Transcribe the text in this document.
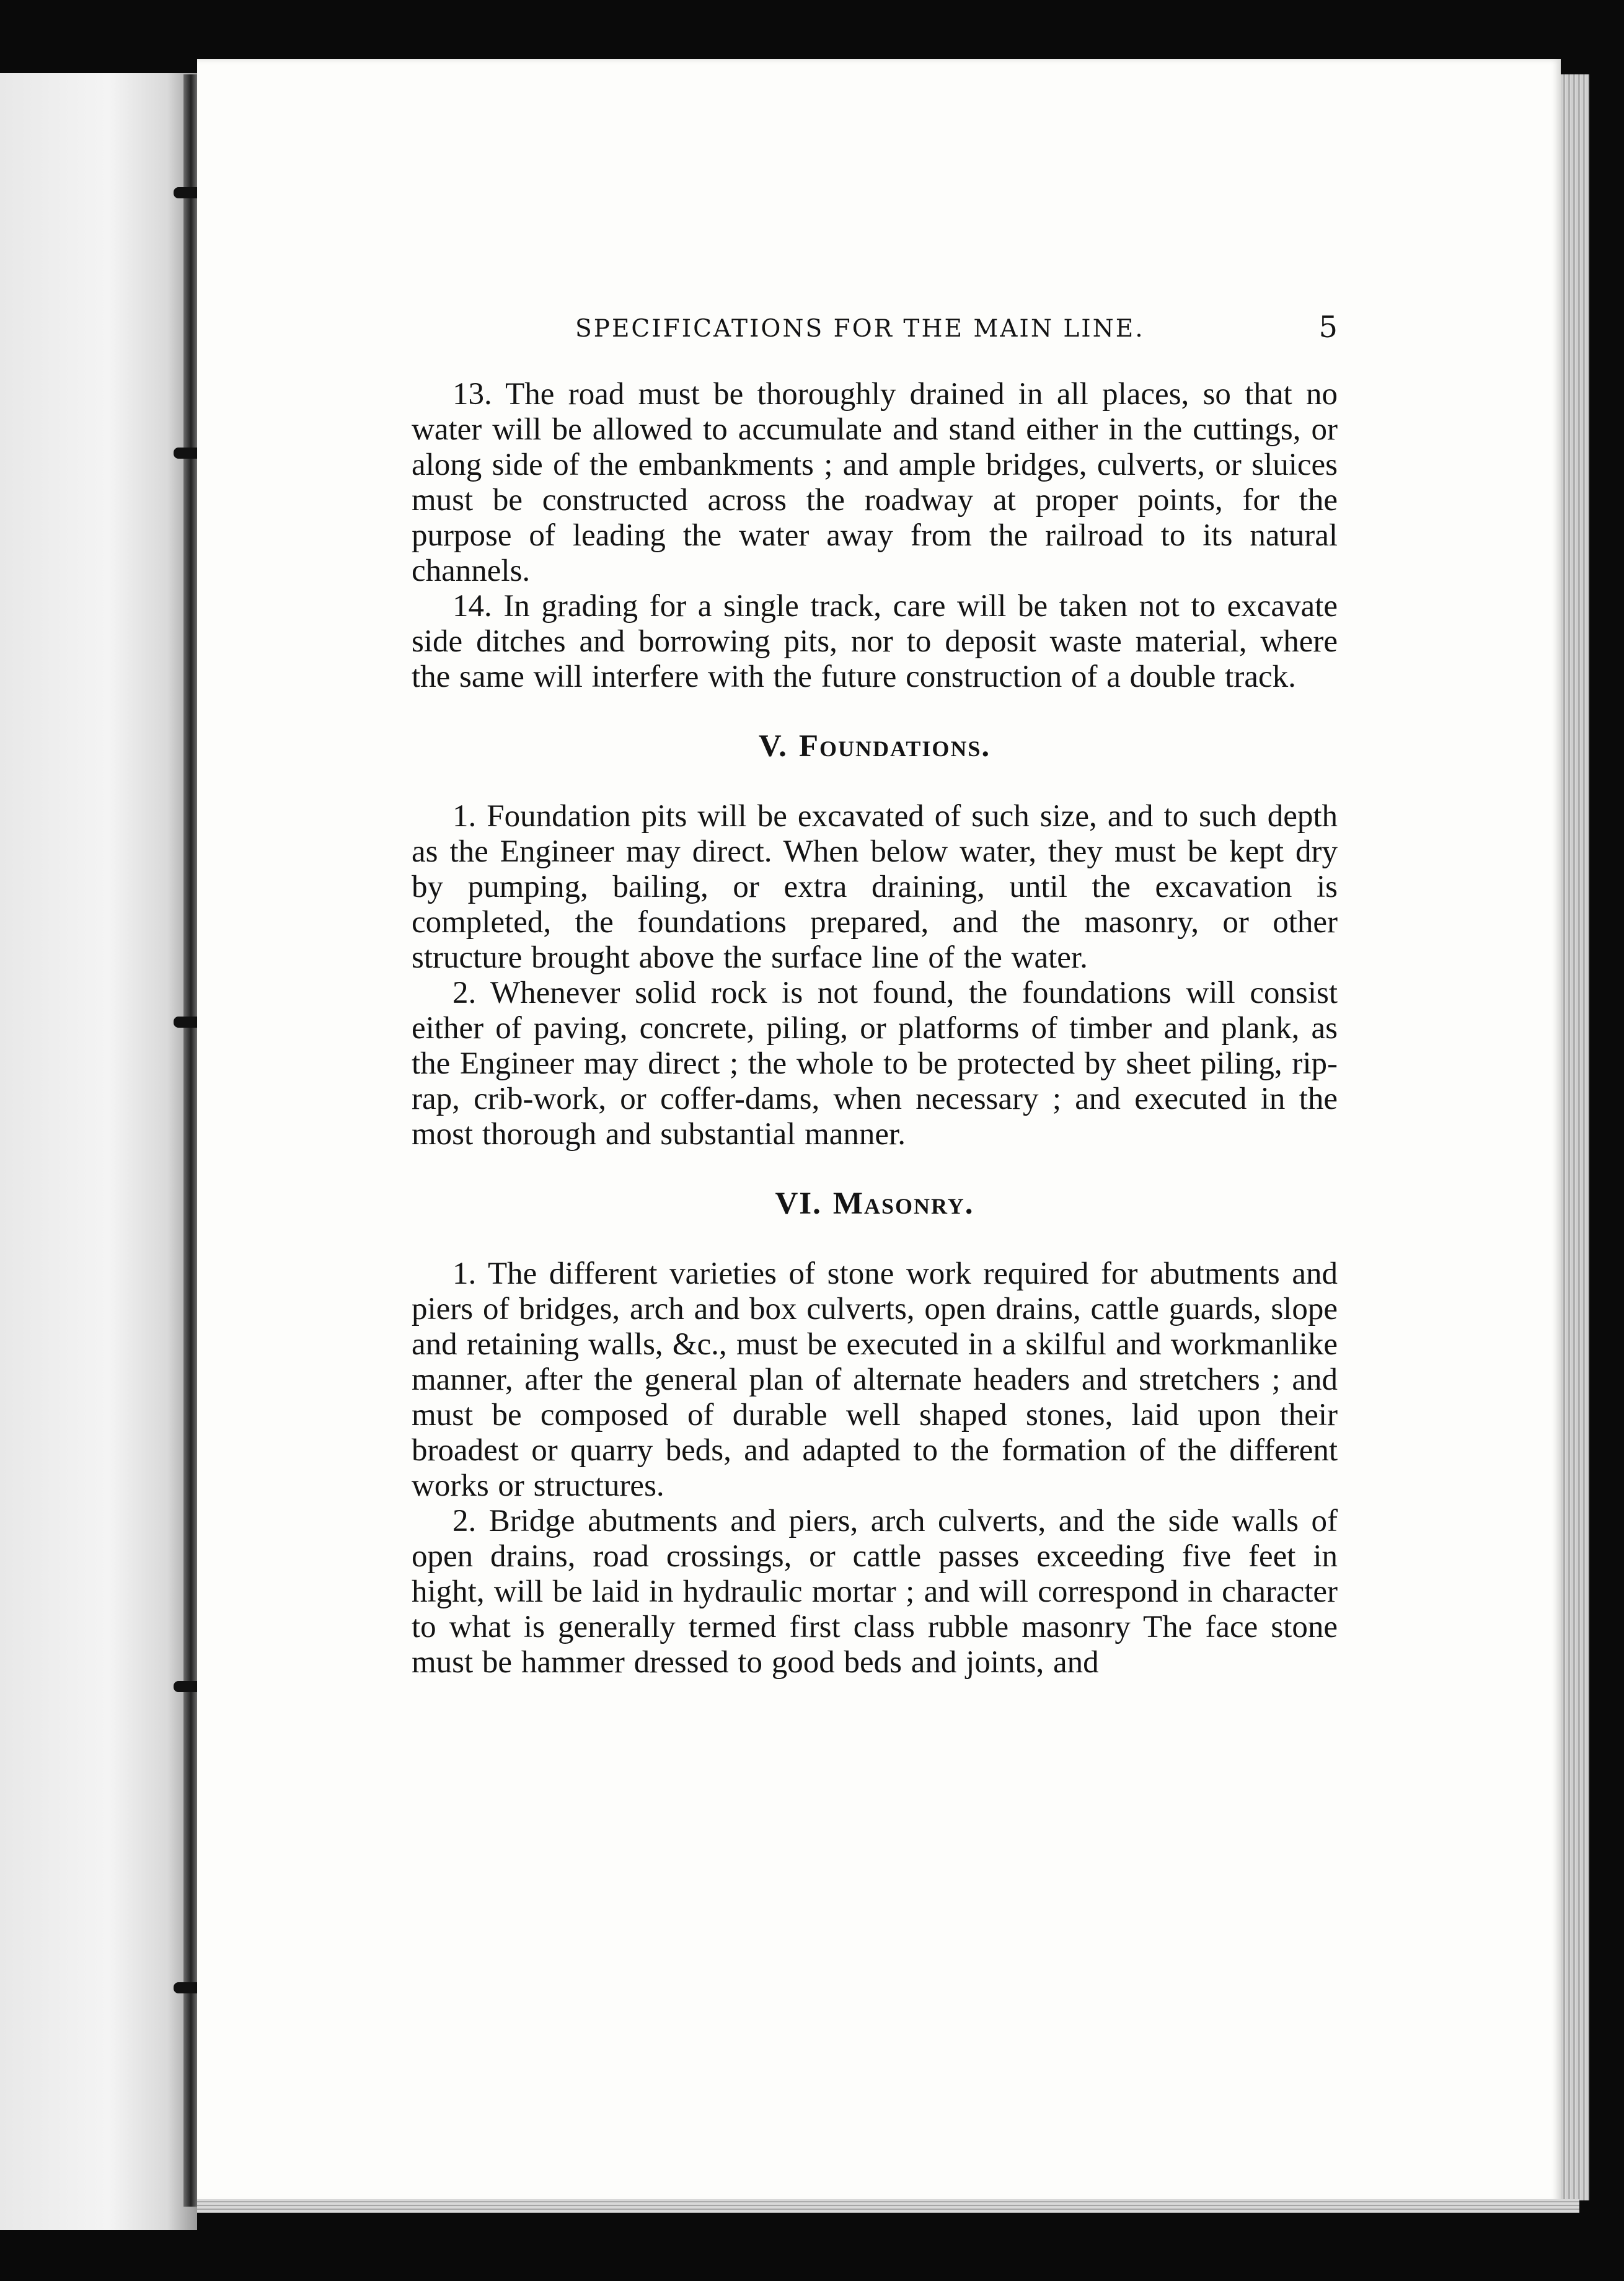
SPECIFICATIONS FOR THE MAIN LINE.	5

13. The road must be thoroughly drained in all places, so that no water will be allowed to accumulate and stand either in the cuttings, or along side of the embankments ; and ample bridges, culverts, or sluices must be constructed across the roadway at proper points, for the purpose of leading the water away from the railroad to its natural channels.

14. In grading for a single track, care will be taken not to excavate side ditches and borrowing pits, nor to deposit waste material, where the same will interfere with the future construction of a double track.

V. Foundations.

1. Foundation pits will be excavated of such size, and to such depth as the Engineer may direct. When below water, they must be kept dry by pumping, bailing, or extra draining, until the excavation is completed, the foundations prepared, and the masonry, or other structure brought above the surface line of the water.

2. Whenever solid rock is not found, the foundations will consist either of paving, concrete, piling, or platforms of timber and plank, as the Engineer may direct ; the whole to be protected by sheet piling, rip-rap, crib-work, or coffer-dams, when necessary ; and executed in the most thorough and substantial manner.

VI. Masonry.

1. The different varieties of stone work required for abutments and piers of bridges, arch and box culverts, open drains, cattle guards, slope and retaining walls, &c., must be executed in a skilful and workmanlike manner, after the general plan of alternate headers and stretchers ; and must be composed of durable well shaped stones, laid upon their broadest or quarry beds, and adapted to the formation of the different works or structures.

2. Bridge abutments and piers, arch culverts, and the side walls of open drains, road crossings, or cattle passes exceeding five feet in hight, will be laid in hydraulic mortar ; and will correspond in character to what is generally termed first class rubble masonry The face stone must be hammer dressed to good beds and joints, and
